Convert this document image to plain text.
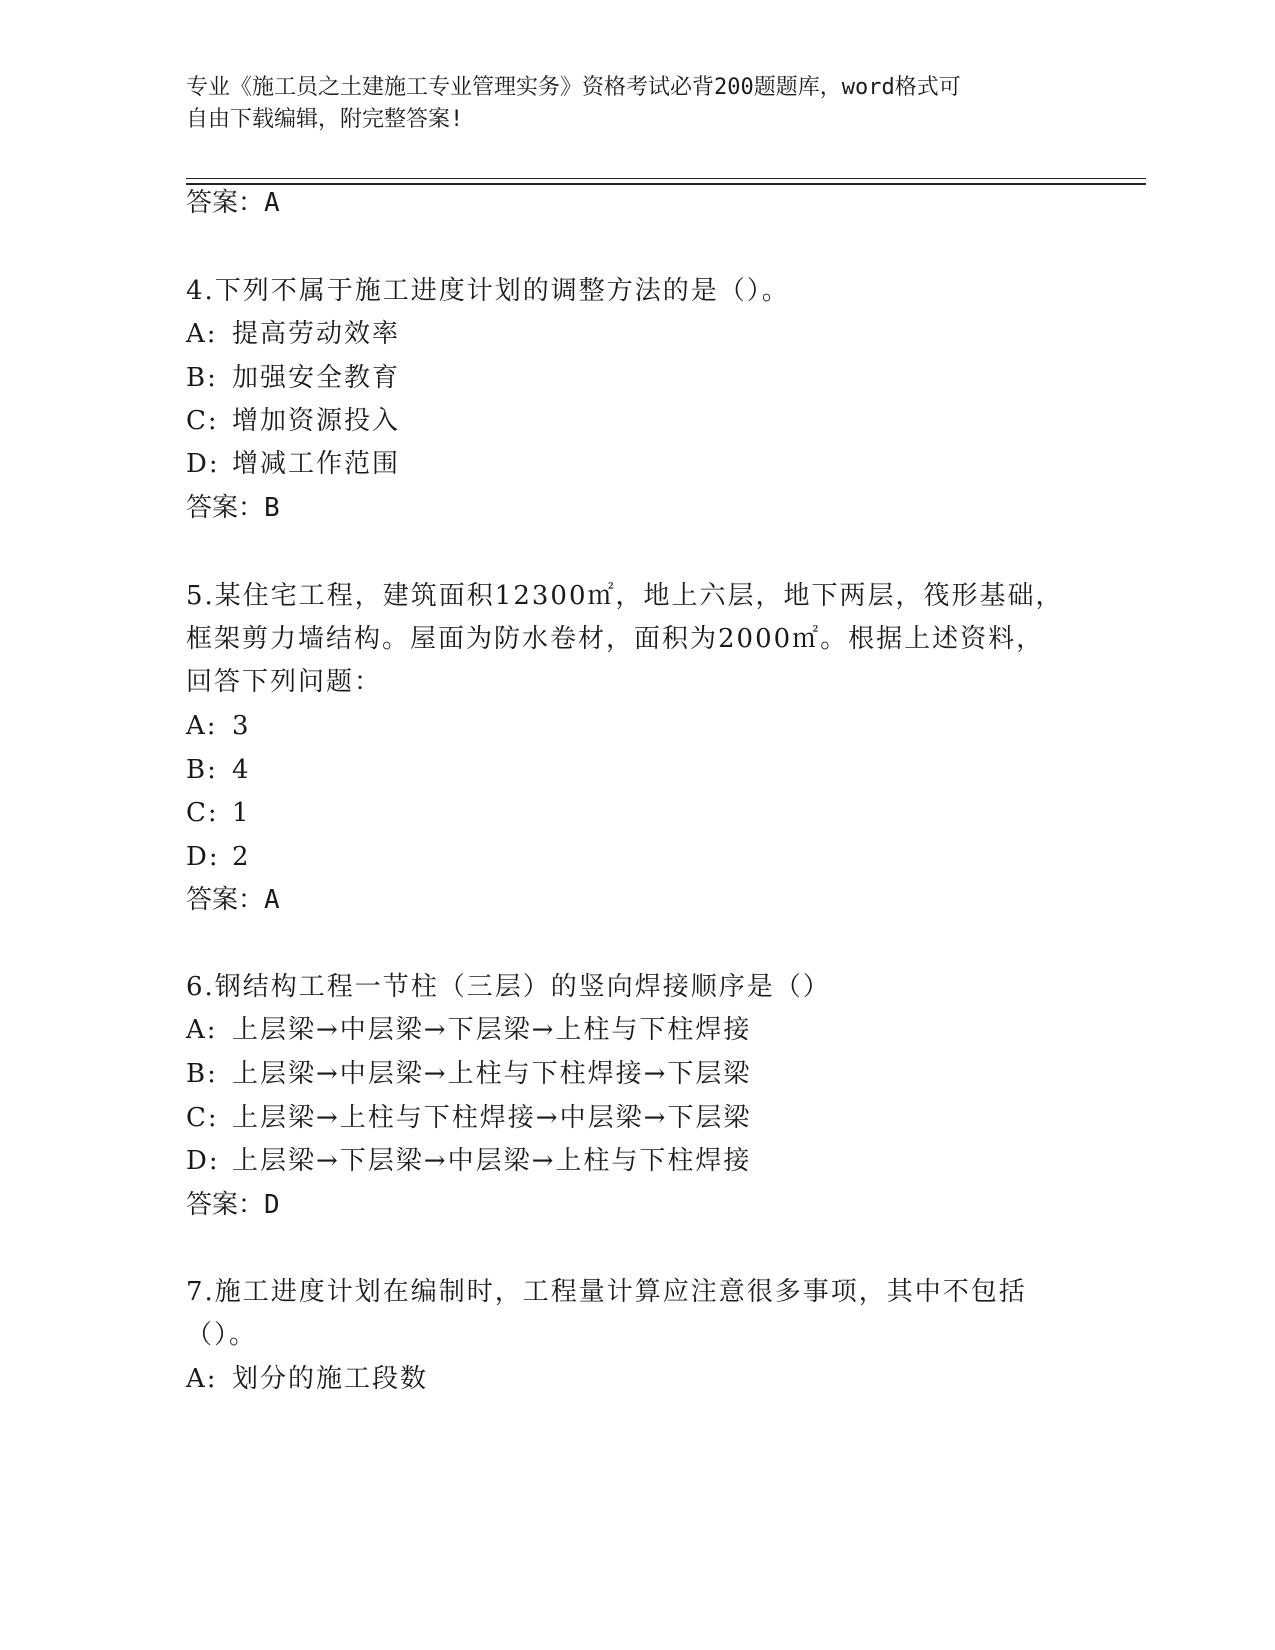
专业《施工员之土建施工专业管理实务》资格考试必背200题题库，word格式可
自由下载编辑，附完整答案!
答案：A
4.下列不属于施工进度计划的调整方法的是（）。
A: 提高劳动效率
B: 加强安全教育
C: 增加资源投入
D: 增减工作范围
答案：B
5.某住宅工程，建筑面积12300㎡，地上六层，地下两层，筏形基础，
框架剪力墙结构。屋面为防水卷材，面积为2000㎡。根据上述资料，
回答下列问题：
A: 3
B: 4
C: 1
D: 2
答案：A
6.钢结构工程一节柱（三层）的竖向焊接顺序是（）
A: 上层梁→中层梁→下层梁→上柱与下柱焊接
B: 上层梁→中层梁→上柱与下柱焊接→下层梁
C: 上层梁→上柱与下柱焊接→中层梁→下层梁
D: 上层梁→下层梁→中层梁→上柱与下柱焊接
答案：D
7.施工进度计划在编制时，工程量计算应注意很多事项，其中不包括
（）。
A: 划分的施工段数
